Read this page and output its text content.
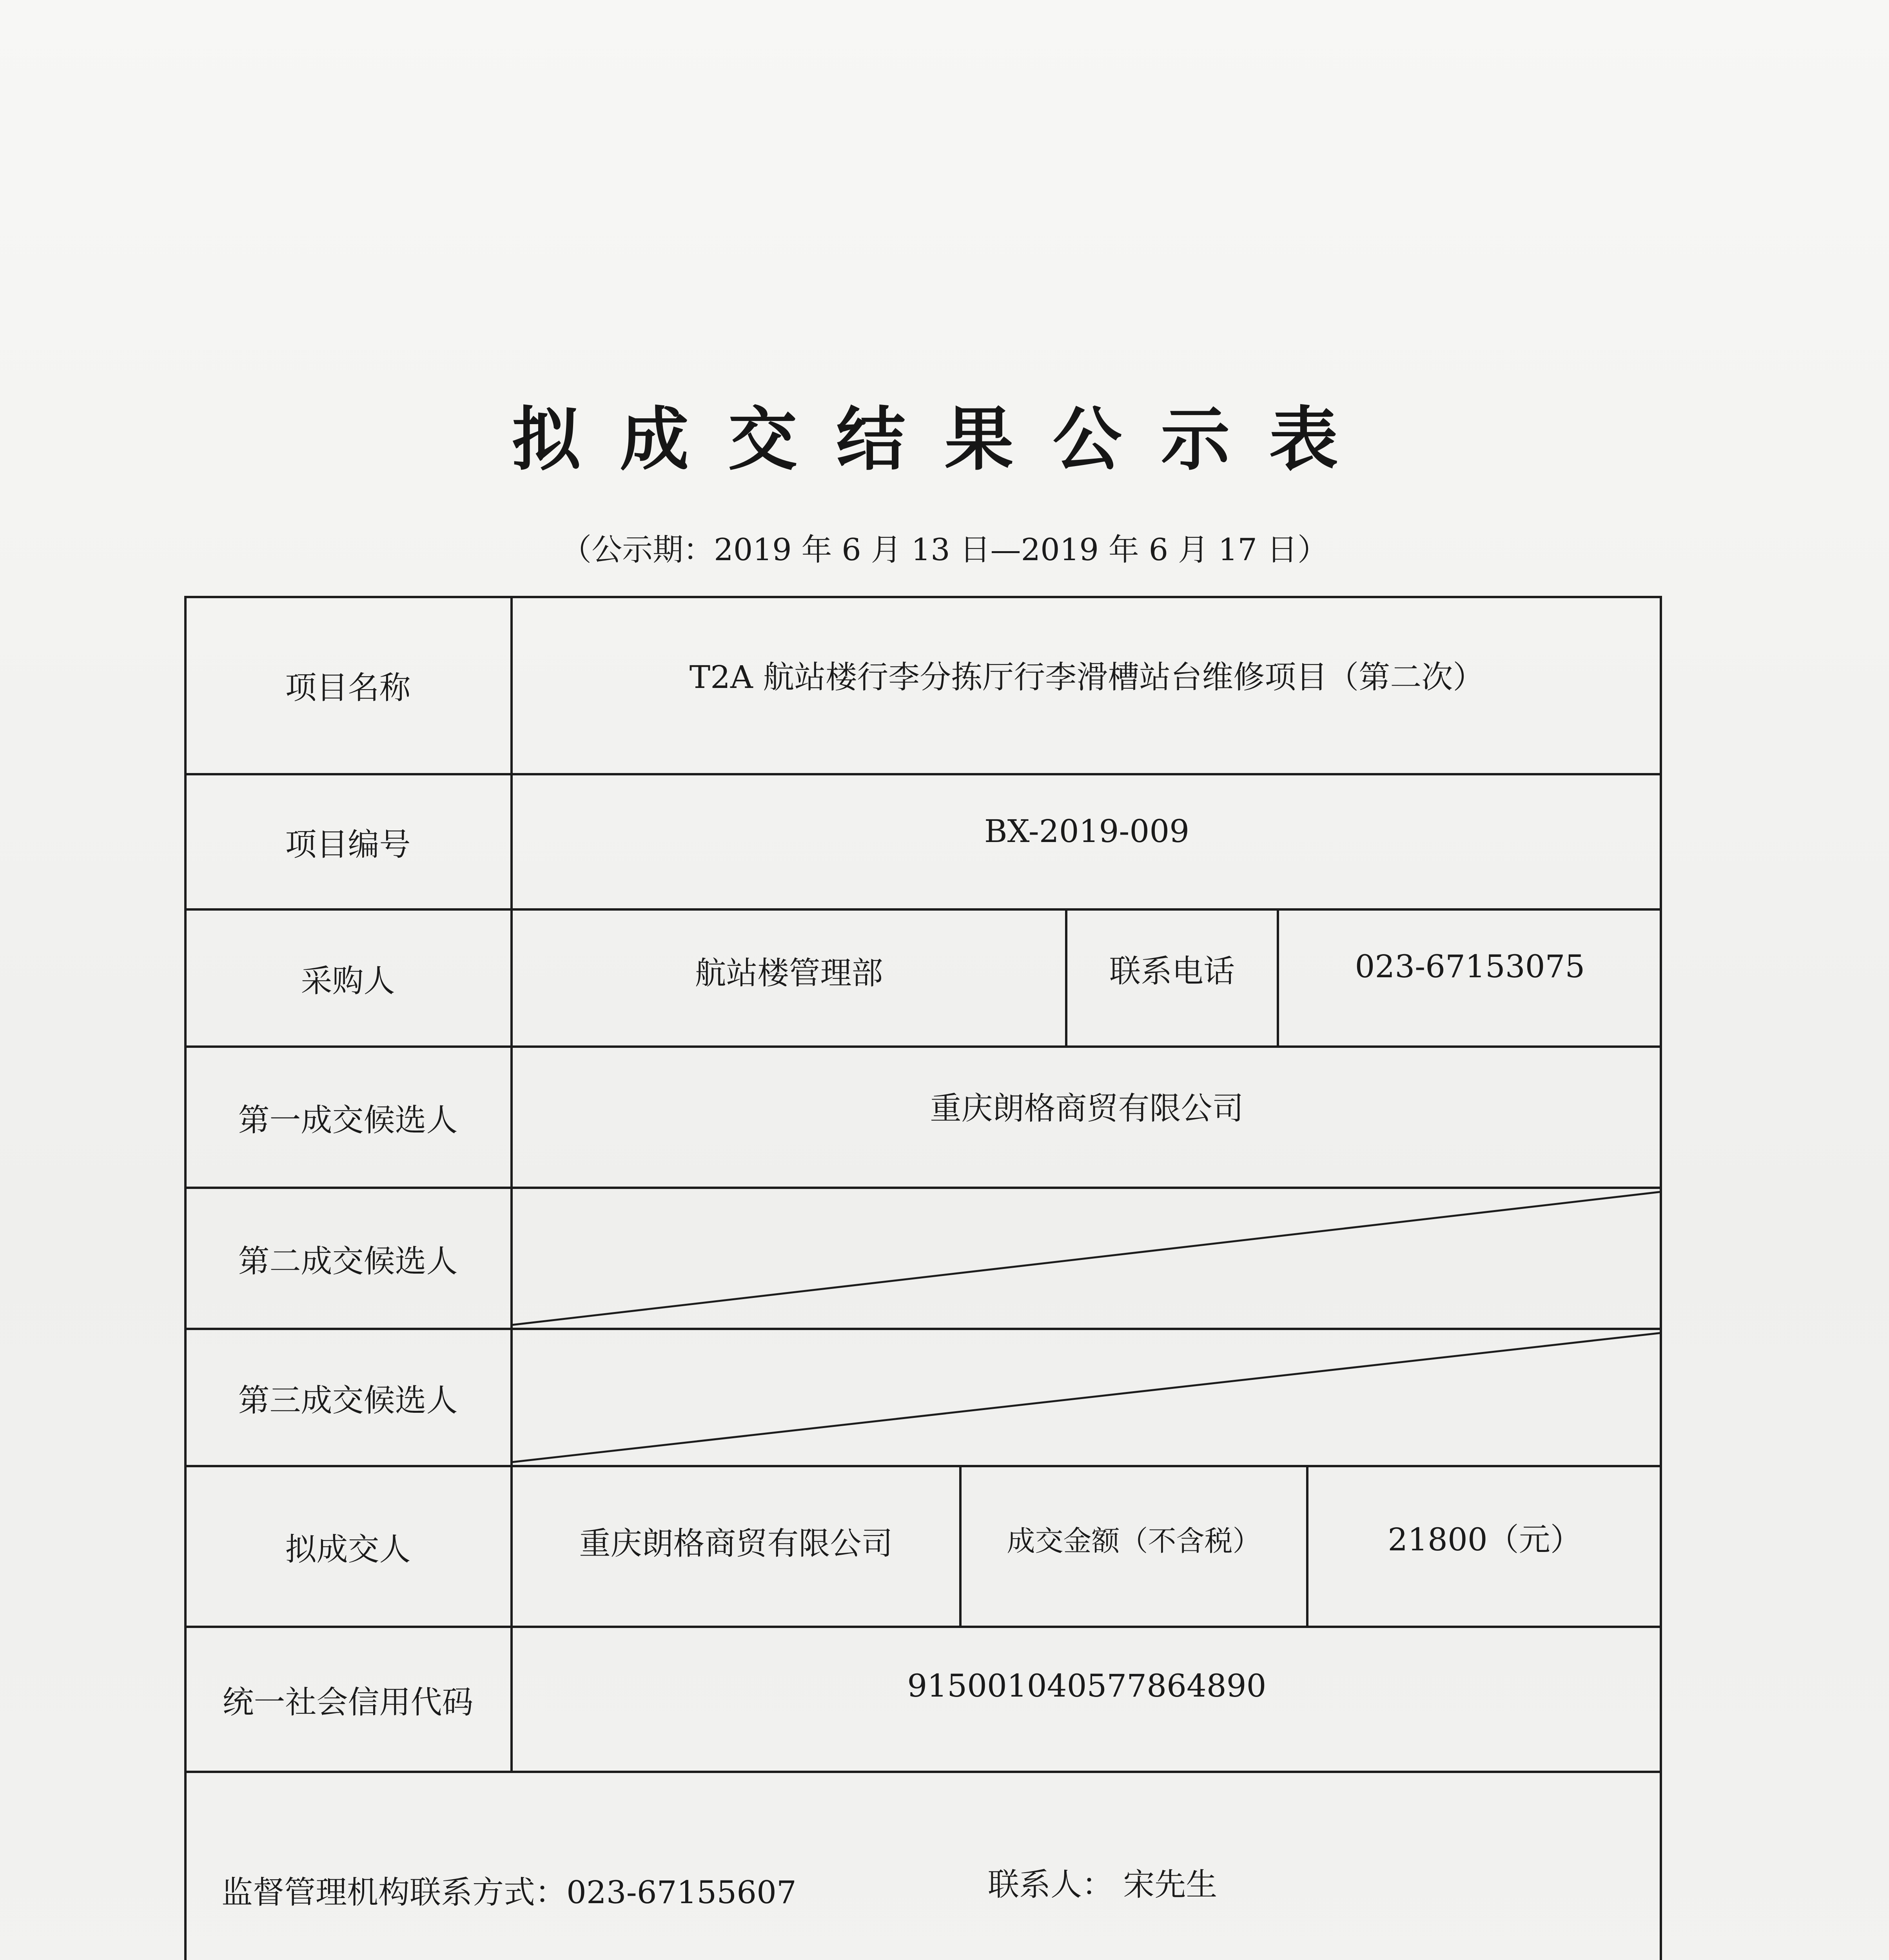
拟成交结果公示表
（公示期：2019 年 6 月 13 日—2019 年 6 月 17 日）
项目名称	T2A 航站楼行李分拣厅行李滑槽站台维修项目（第二次）
项目编号	BX-2019-009
采购人	航站楼管理部	联系电话	023-67153075
第一成交候选人	重庆朗格商贸有限公司
第二成交候选人
第三成交候选人
拟成交人	重庆朗格商贸有限公司	成交金额（不含税）	21800（元）
统一社会信用代码	915001040577864890
监督管理机构联系方式：023-67155607	联系人： 宋先生
